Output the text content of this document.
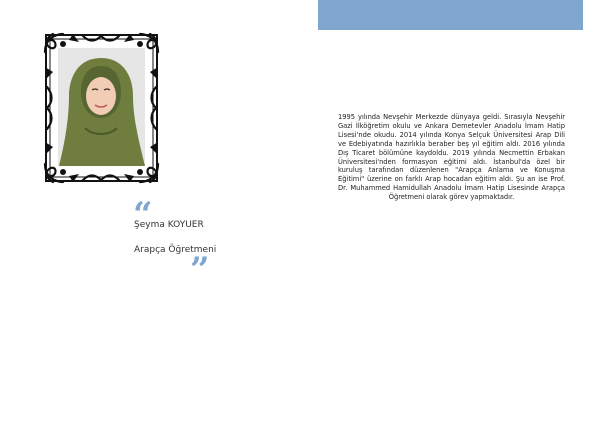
“
Şeyma KOYUER
Arapça Öğretmeni
”
1995 yılında Nevşehir Merkezde dünyaya geldi. Sırasıyla Nevşehir Gazi İlköğretim okulu ve Ankara Demetevler Anadolu İmam Hatip Lisesi'nde okudu. 2014 yılında Konya Selçuk Üniversitesi Arap Dili ve Edebiyatında hazırlıkla beraber beş yıl eğitim aldı. 2016 yılında Dış Ticaret bölümüne kaydoldu. 2019 yılında Necmettin Erbakan Üniversitesi'nden formasyon eğitimi aldı. İstanbul'da özel bir kuruluş tarafından düzenlenen "Arapça Anlama ve Konuşma Eğitimi" üzerine on farklı Arap hocadan eğitim aldı. Şu an ise Prof. Dr. Muhammed Hamidullah Anadolu İmam Hatip Lisesinde Arapça Öğretmeni olarak görev yapmaktadır.
